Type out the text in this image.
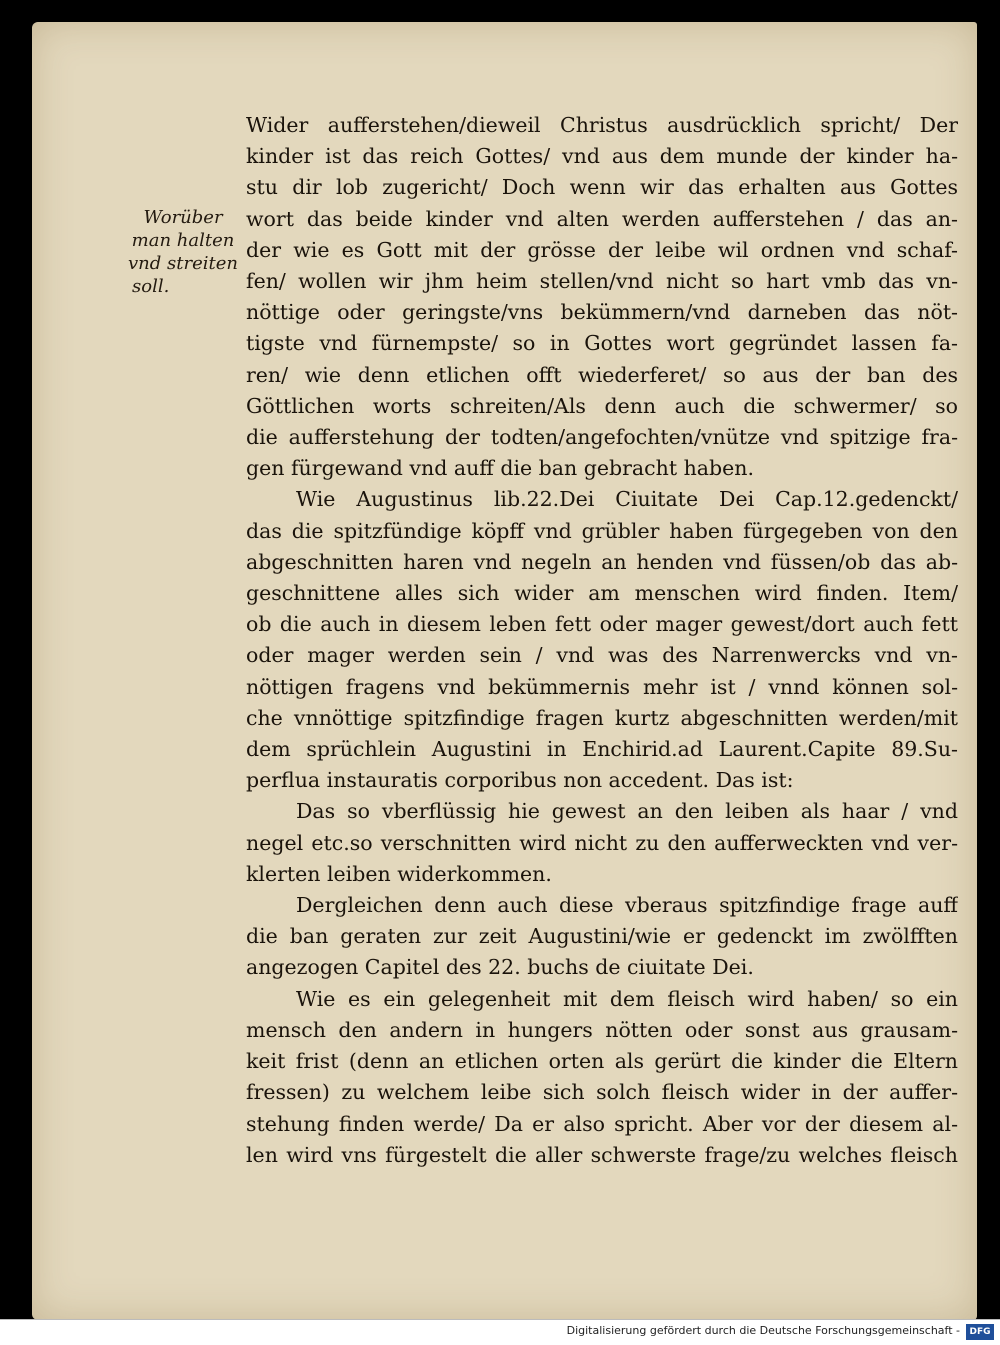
Worüber
man halten
vnd streiten
soll.
Wider aufferstehen/dieweil Christus ausdrücklich spricht/ Der
kinder ist das reich Gottes/ vnd aus dem munde der kinder ha-
stu dir lob zugericht/ Doch wenn wir das erhalten aus Gottes
wort das beide kinder vnd alten werden aufferstehen / das an-
der wie es Gott mit der grösse der leibe wil ordnen vnd schaf-
fen/ wollen wir jhm heim stellen/vnd nicht so hart vmb das vn-
nöttige oder geringste/vns bekümmern/vnd darneben das nöt-
tigste vnd fürnempste/ so in Gottes wort gegründet lassen fa-
ren/ wie denn etlichen offt wiederferet/ so aus der ban des
Göttlichen worts schreiten/Als denn auch die schwermer/ so
die aufferstehung der todten/angefochten/vnütze vnd spitzige fra-
gen fürgewand vnd auff die ban gebracht haben.
Wie Augustinus lib.22.Dei Ciuitate Dei Cap.12.gedenckt/
das die spitzfündige köpff vnd grübler haben fürgegeben von den
abgeschnitten haren vnd negeln an henden vnd füssen/ob das ab-
geschnittene alles sich wider am menschen wird finden. Item/
ob die auch in diesem leben fett oder mager gewest/dort auch fett
oder mager werden sein / vnd was des Narrenwercks vnd vn-
nöttigen fragens vnd bekümmernis mehr ist / vnnd können sol-
che vnnöttige spitzfindige fragen kurtz abgeschnitten werden/mit
dem sprüchlein Augustini in Enchirid.ad Laurent.Capite 89.Su-
perflua instauratis corporibus non accedent. Das ist:
Das so vberflüssig hie gewest an den leiben als haar / vnd
negel etc.so verschnitten wird nicht zu den aufferweckten vnd ver-
klerten leiben widerkommen.
Dergleichen denn auch diese vberaus spitzfindige frage auff
die ban geraten zur zeit Augustini/wie er gedenckt im zwölfften
angezogen Capitel des 22. buchs de ciuitate Dei.
Wie es ein gelegenheit mit dem fleisch wird haben/ so ein
mensch den andern in hungers nötten oder sonst aus grausam-
keit frist (denn an etlichen orten als gerürt die kinder die Eltern
fressen) zu welchem leibe sich solch fleisch wider in der auffer-
stehung finden werde/ Da er also spricht. Aber vor der diesem al-
len wird vns fürgestelt die aller schwerste frage/zu welches fleisch
Digitalisierung gefördert durch die Deutsche Forschungsgemeinschaft -	DFG
